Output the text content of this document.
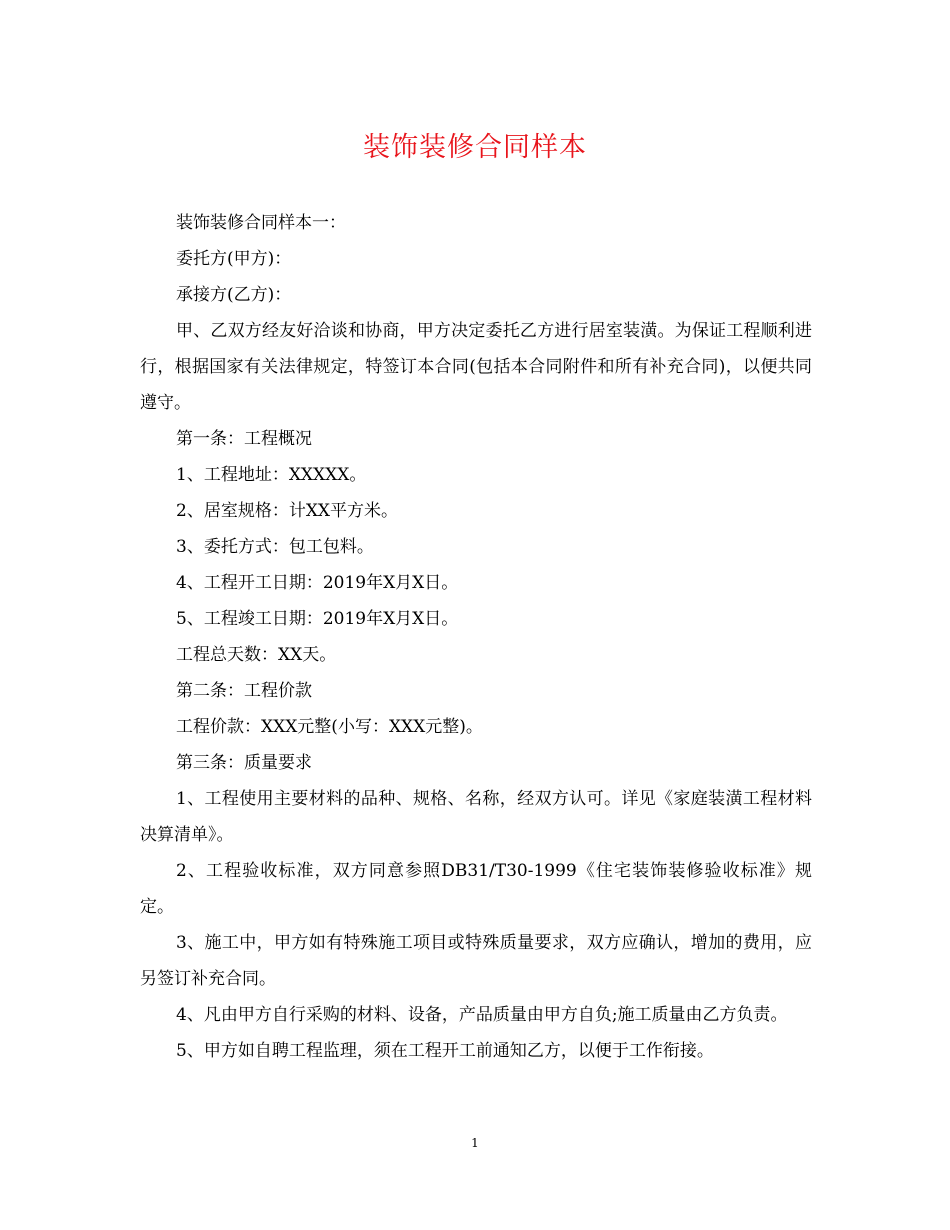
装饰装修合同样本

装饰装修合同样本一：

委托方(甲方)：

承接方(乙方)：

甲、乙双方经友好洽谈和协商，甲方决定委托乙方进行居室装潢。为保证工程顺利进行，根据国家有关法律规定，特签订本合同(包括本合同附件和所有补充合同)，以便共同遵守。

第一条：工程概况

1、工程地址：XXXXX。

2、居室规格：计XX平方米。

3、委托方式：包工包料。

4、工程开工日期：2019年X月X日。

5、工程竣工日期：2019年X月X日。

工程总天数：XX天。

第二条：工程价款

工程价款：XXX元整(小写：XXX元整)。

第三条：质量要求

1、工程使用主要材料的品种、规格、名称，经双方认可。详见《家庭装潢工程材料决算清单》。

2、工程验收标准，双方同意参照DB31/T30-1999《住宅装饰装修验收标准》规定。

3、施工中，甲方如有特殊施工项目或特殊质量要求，双方应确认，增加的费用，应另签订补充合同。

4、凡由甲方自行采购的材料、设备，产品质量由甲方自负;施工质量由乙方负责。

5、甲方如自聘工程监理，须在工程开工前通知乙方，以便于工作衔接。

1
